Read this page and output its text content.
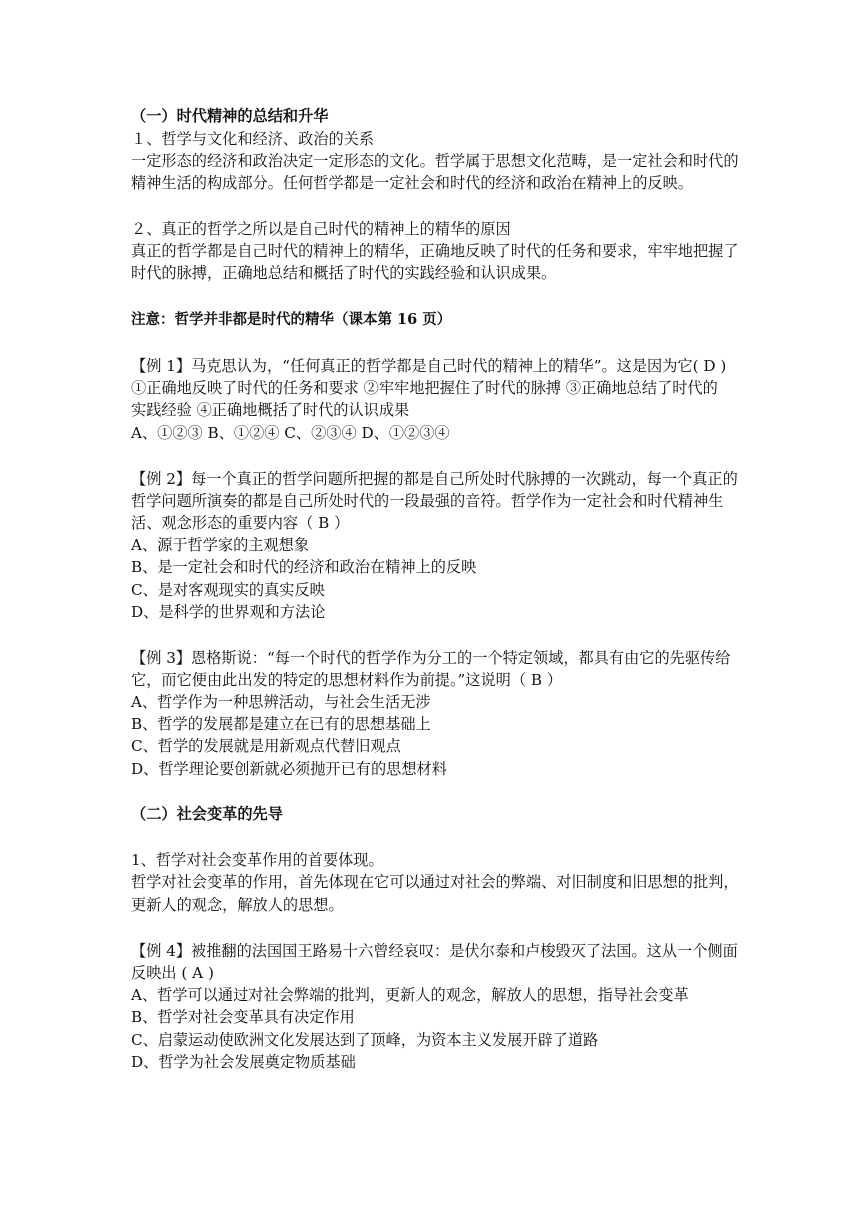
（一）时代精神的总结和升华
１、哲学与文化和经济、政治的关系
一定形态的经济和政治决定一定形态的文化。哲学属于思想文化范畴，是一定社会和时代的
精神生活的构成部分。任何哲学都是一定社会和时代的经济和政治在精神上的反映。
２、真正的哲学之所以是自己时代的精神上的精华的原因
真正的哲学都是自己时代的精神上的精华，正确地反映了时代的任务和要求，牢牢地把握了
时代的脉搏，正确地总结和概括了时代的实践经验和认识成果。
注意：哲学并非都是时代的精华（课本第 16 页）
【例 1】马克思认为，“任何真正的哲学都是自己时代的精神上的精华”。这是因为它( D )
①正确地反映了时代的任务和要求 ②牢牢地把握住了时代的脉搏 ③正确地总结了时代的
实践经验 ④正确地概括了时代的认识成果
A、①②③ B、①②④ C、②③④ D、①②③④
【例 2】每一个真正的哲学问题所把握的都是自己所处时代脉搏的一次跳动，每一个真正的
哲学问题所演奏的都是自己所处时代的一段最强的音符。哲学作为一定社会和时代精神生
活、观念形态的重要内容（ B ）
A、源于哲学家的主观想象
B、是一定社会和时代的经济和政治在精神上的反映
C、是对客观现实的真实反映
D、是科学的世界观和方法论
【例 3】恩格斯说：“每一个时代的哲学作为分工的一个特定领域，都具有由它的先驱传给
它，而它便由此出发的特定的思想材料作为前提。”这说明（ B ）
A、哲学作为一种思辨活动，与社会生活无涉
B、哲学的发展都是建立在已有的思想基础上
C、哲学的发展就是用新观点代替旧观点
D、哲学理论要创新就必须抛开已有的思想材料
（二）社会变革的先导
1、哲学对社会变革作用的首要体现。
哲学对社会变革的作用，首先体现在它可以通过对社会的弊端、对旧制度和旧思想的批判，
更新人的观念，解放人的思想。
【例 4】被推翻的法国国王路易十六曾经哀叹：是伏尔泰和卢梭毁灭了法国。这从一个侧面
反映出 ( A )
A、哲学可以通过对社会弊端的批判，更新人的观念，解放人的思想，指导社会变革
B、哲学对社会变革具有决定作用
C、启蒙运动使欧洲文化发展达到了顶峰，为资本主义发展开辟了道路
D、哲学为社会发展奠定物质基础
